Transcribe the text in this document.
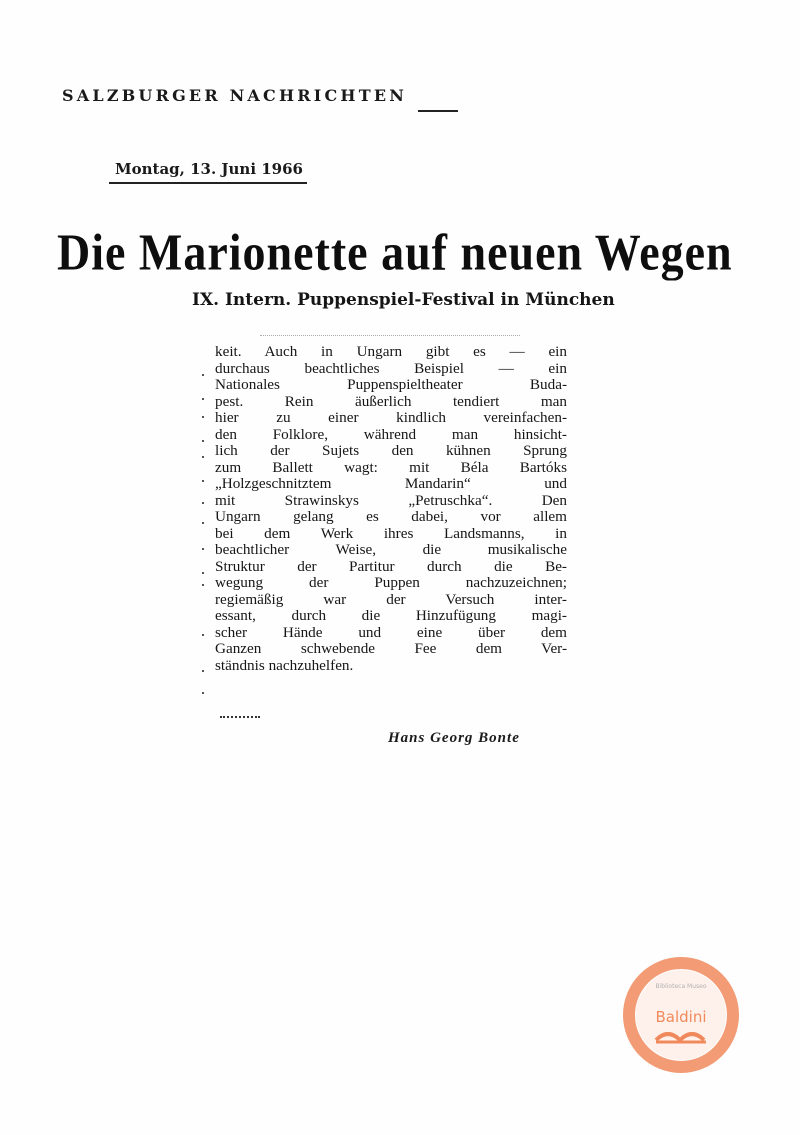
SALZBURGER NACHRICHTEN
Montag, 13. Juni 1966
Die Marionette auf neuen Wegen
IX. Intern. Puppenspiel-Festival in München
keit. Auch in Ungarn gibt es — ein
durchaus beachtliches Beispiel — ein
Nationales Puppenspieltheater Buda-
pest. Rein äußerlich tendiert man
hier zu einer kindlich vereinfachen-
den Folklore, während man hinsicht-
lich der Sujets den kühnen Sprung
zum Ballett wagt: mit Béla Bartóks
„Holzgeschnitztem Mandarin“ und
mit Strawinskys „Petruschka“. Den
Ungarn gelang es dabei, vor allem
bei dem Werk ihres Landsmanns, in
beachtlicher Weise, die musikalische
Struktur der Partitur durch die Be-
wegung der Puppen nachzuzeichnen;
regiemäßig war der Versuch inter-
essant, durch die Hinzufügung magi-
scher Hände und eine über dem
Ganzen schwebende Fee dem Ver-
ständnis nachzuhelfen.
Hans Georg Bonte
Biblioteca Museo
Baldini
